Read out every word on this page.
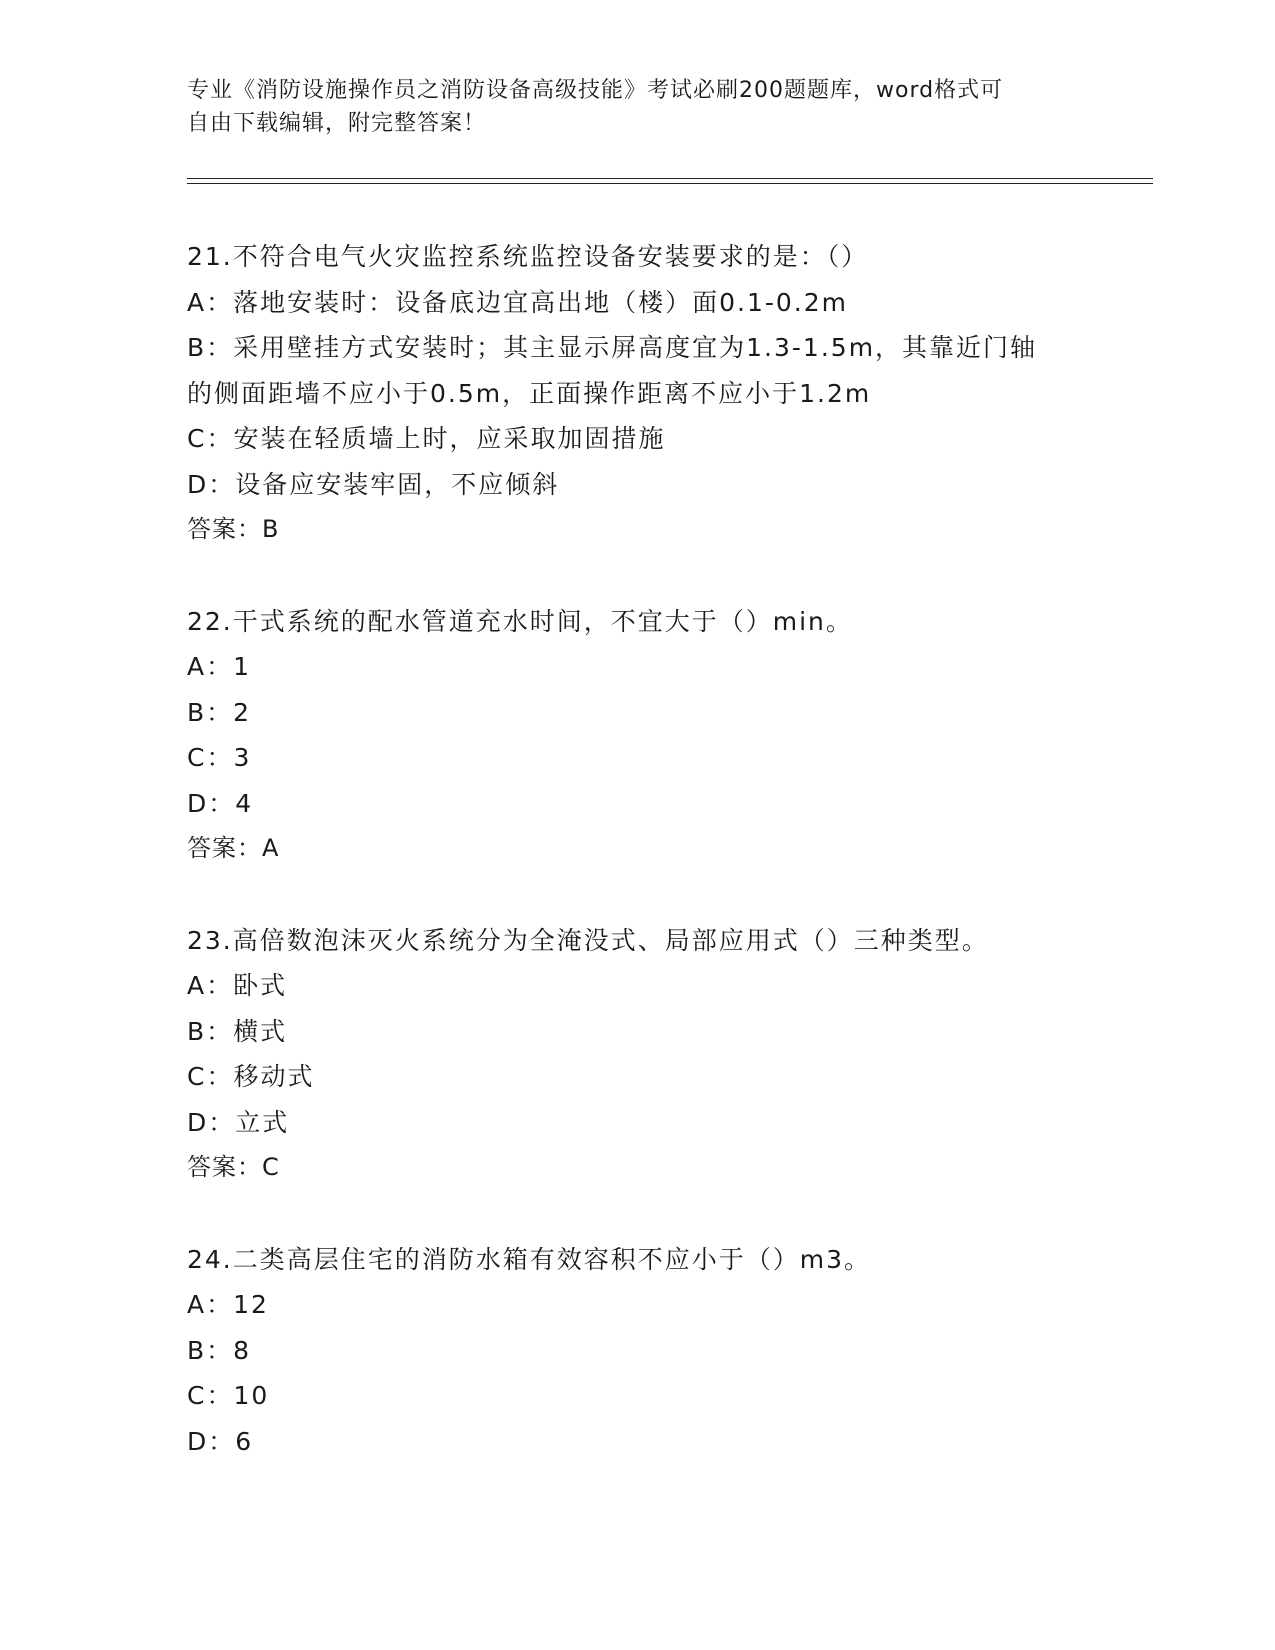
专业《消防设施操作员之消防设备高级技能》考试必刷200题题库，word格式可
自由下载编辑，附完整答案！
21.不符合电气火灾监控系统监控设备安装要求的是：（）
A：落地安装时：设备底边宜高出地（楼）面0.1-0.2m
B：采用壁挂方式安装时；其主显示屏高度宜为1.3-1.5m，其靠近门轴
的侧面距墙不应小于0.5m，正面操作距离不应小于1.2m
C：安装在轻质墙上时，应采取加固措施
D：设备应安装牢固，不应倾斜
答案：B
22.干式系统的配水管道充水时间，不宜大于（）min。
A：1
B：2
C：3
D：4
答案：A
23.高倍数泡沫灭火系统分为全淹没式、局部应用式（）三种类型。
A：卧式
B：横式
C：移动式
D：立式
答案：C
24.二类高层住宅的消防水箱有效容积不应小于（）m3。
A：12
B：8
C：10
D：6
